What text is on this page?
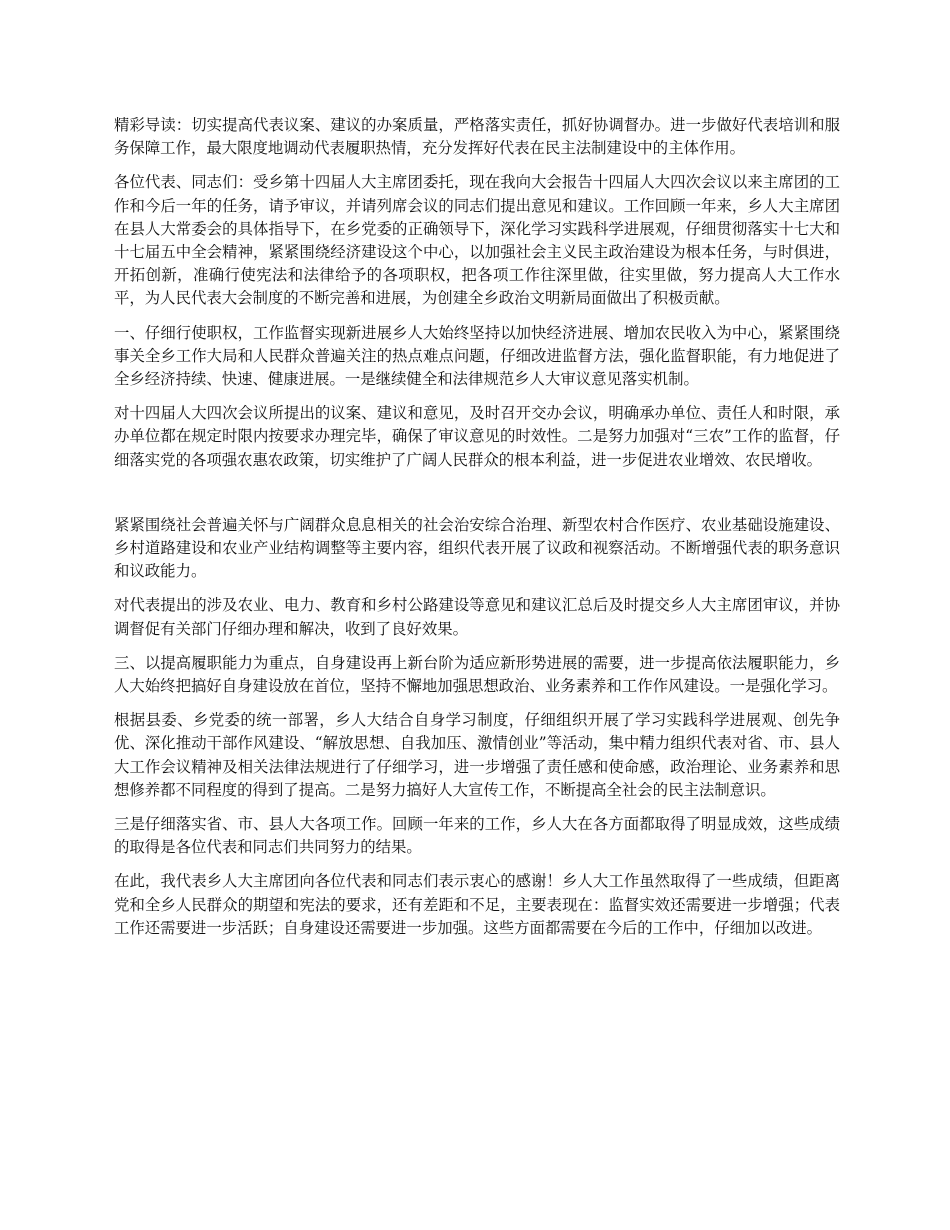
精彩导读：切实提高代表议案、建议的办案质量，严格落实责任，抓好协调督办。进一步做好代表培训和服务保障工作，最大限度地调动代表履职热情，充分发挥好代表在民主法制建设中的主体作用。

各位代表、同志们：受乡第十四届人大主席团委托，现在我向大会报告十四届人大四次会议以来主席团的工作和今后一年的任务，请予审议，并请列席会议的同志们提出意见和建议。工作回顾一年来，乡人大主席团在县人大常委会的具体指导下，在乡党委的正确领导下，深化学习实践科学进展观，仔细贯彻落实十七大和十七届五中全会精神，紧紧围绕经济建设这个中心，以加强社会主义民主政治建设为根本任务，与时俱进，开拓创新，准确行使宪法和法律给予的各项职权，把各项工作往深里做，往实里做，努力提高人大工作水平，为人民代表大会制度的不断完善和进展，为创建全乡政治文明新局面做出了积极贡献。

一、仔细行使职权，工作监督实现新进展乡人大始终坚持以加快经济进展、增加农民收入为中心，紧紧围绕事关全乡工作大局和人民群众普遍关注的热点难点问题，仔细改进监督方法，强化监督职能，有力地促进了全乡经济持续、快速、健康进展。一是继续健全和法律规范乡人大审议意见落实机制。

对十四届人大四次会议所提出的议案、建议和意见，及时召开交办会议，明确承办单位、责任人和时限，承办单位都在规定时限内按要求办理完毕，确保了审议意见的时效性。二是努力加强对“三农”工作的监督，仔细落实党的各项强农惠农政策，切实维护了广阔人民群众的根本利益，进一步促进农业增效、农民增收。

紧紧围绕社会普遍关怀与广阔群众息息相关的社会治安综合治理、新型农村合作医疗、农业基础设施建设、乡村道路建设和农业产业结构调整等主要内容，组织代表开展了议政和视察活动。不断增强代表的职务意识和议政能力。

对代表提出的涉及农业、电力、教育和乡村公路建设等意见和建议汇总后及时提交乡人大主席团审议，并协调督促有关部门仔细办理和解决，收到了良好效果。

三、以提高履职能力为重点，自身建设再上新台阶为适应新形势进展的需要，进一步提高依法履职能力，乡人大始终把搞好自身建设放在首位，坚持不懈地加强思想政治、业务素养和工作作风建设。一是强化学习。

根据县委、乡党委的统一部署，乡人大结合自身学习制度，仔细组织开展了学习实践科学进展观、创先争优、深化推动干部作风建设、“解放思想、自我加压、激情创业”等活动，集中精力组织代表对省、市、县人大工作会议精神及相关法律法规进行了仔细学习，进一步增强了责任感和使命感，政治理论、业务素养和思想修养都不同程度的得到了提高。二是努力搞好人大宣传工作，不断提高全社会的民主法制意识。

三是仔细落实省、市、县人大各项工作。回顾一年来的工作，乡人大在各方面都取得了明显成效，这些成绩的取得是各位代表和同志们共同努力的结果。

在此，我代表乡人大主席团向各位代表和同志们表示衷心的感谢！乡人大工作虽然取得了一些成绩，但距离党和全乡人民群众的期望和宪法的要求，还有差距和不足，主要表现在：监督实效还需要进一步增强；代表工作还需要进一步活跃；自身建设还需要进一步加强。这些方面都需要在今后的工作中，仔细加以改进。
